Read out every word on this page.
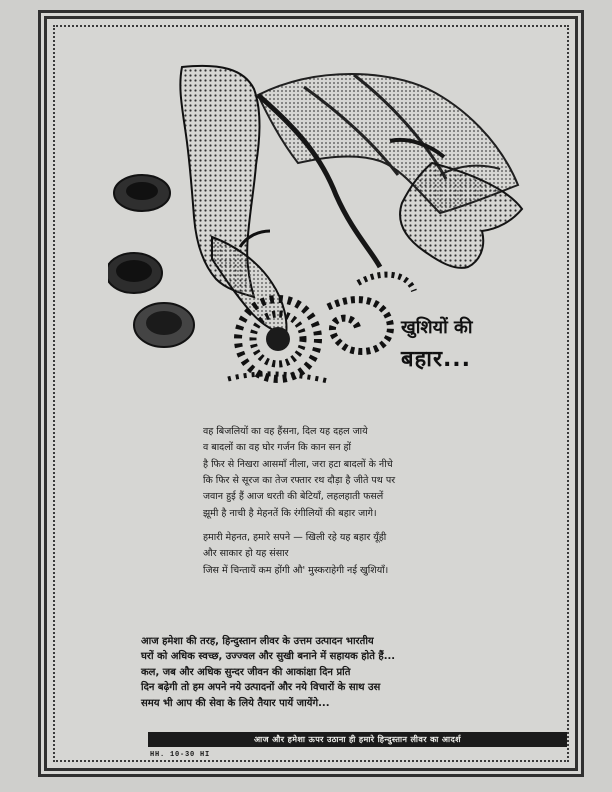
खुशियों की
बहार...

वह बिजलियों का वह हैंसना, दिल यह दहल जाये

व बादलों का वह घोर गर्जन कि कान सन हों

है फिर से निखरा आसमाँ नीला, जरा हटा बादलों के नीचे

कि फिर से सूरज का तेज रफ्तार रथ दौड़ा है जीते पथ पर

जवान हुई हैं आज धरती की बेटियाँ, लहलहाती फसलें

झूमी है नाची है मेहनतें कि रंगीलियों की बहार जागे।

हमारी मेहनत, हमारे सपने — खिली रहे यह बहार यूँही

और साकार हो यह संसार

जिस में चिन्तायें कम होंगी औ' मुस्कराहेगी नई खुशियाँ।

आज हमेशा की तरह, हिन्दुस्तान लीवर के उत्तम उत्पादन भारतीय

घरों को अधिक स्वच्छ, उज्ज्वल और सुखी बनाने में सहायक होते हैं...

कल, जब और अधिक सुन्दर जीवन की आकांक्षा दिन प्रति

दिन बढ़ेगी तो हम अपने नये उत्पादनों और नये विचारों के साथ उस

समय भी आप की सेवा के लिये तैयार पायें जायेंगे...

आज और हमेशा ऊपर उठाना ही हमारे हिन्दुस्तान लीवर का आदर्श
HH. 10-30 HI
